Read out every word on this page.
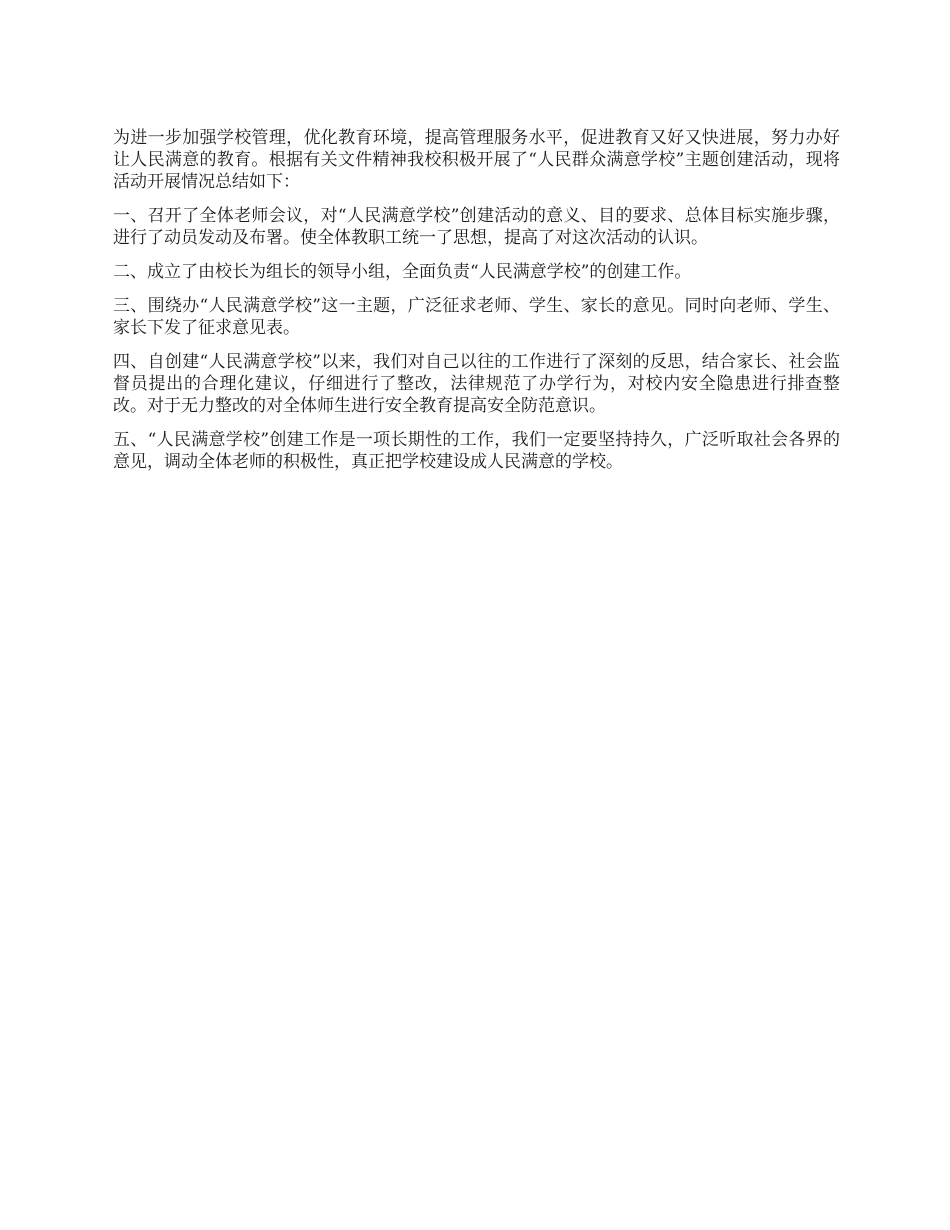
为进一步加强学校管理，优化教育环境，提高管理服务水平，促进教育又好又快进展，努力办好让人民满意的教育。根据有关文件精神我校积极开展了“人民群众满意学校”主题创建活动，现将活动开展情况总结如下：

一、召开了全体老师会议，对“人民满意学校”创建活动的意义、目的要求、总体目标实施步骤，进行了动员发动及布署。使全体教职工统一了思想，提高了对这次活动的认识。

二、成立了由校长为组长的领导小组，全面负责“人民满意学校”的创建工作。

三、围绕办“人民满意学校”这一主题，广泛征求老师、学生、家长的意见。同时向老师、学生、家长下发了征求意见表。

四、自创建“人民满意学校”以来，我们对自己以往的工作进行了深刻的反思，结合家长、社会监督员提出的合理化建议，仔细进行了整改，法律规范了办学行为，对校内安全隐患进行排查整改。对于无力整改的对全体师生进行安全教育提高安全防范意识。

五、“人民满意学校”创建工作是一项长期性的工作，我们一定要坚持持久，广泛听取社会各界的意见，调动全体老师的积极性，真正把学校建设成人民满意的学校。
